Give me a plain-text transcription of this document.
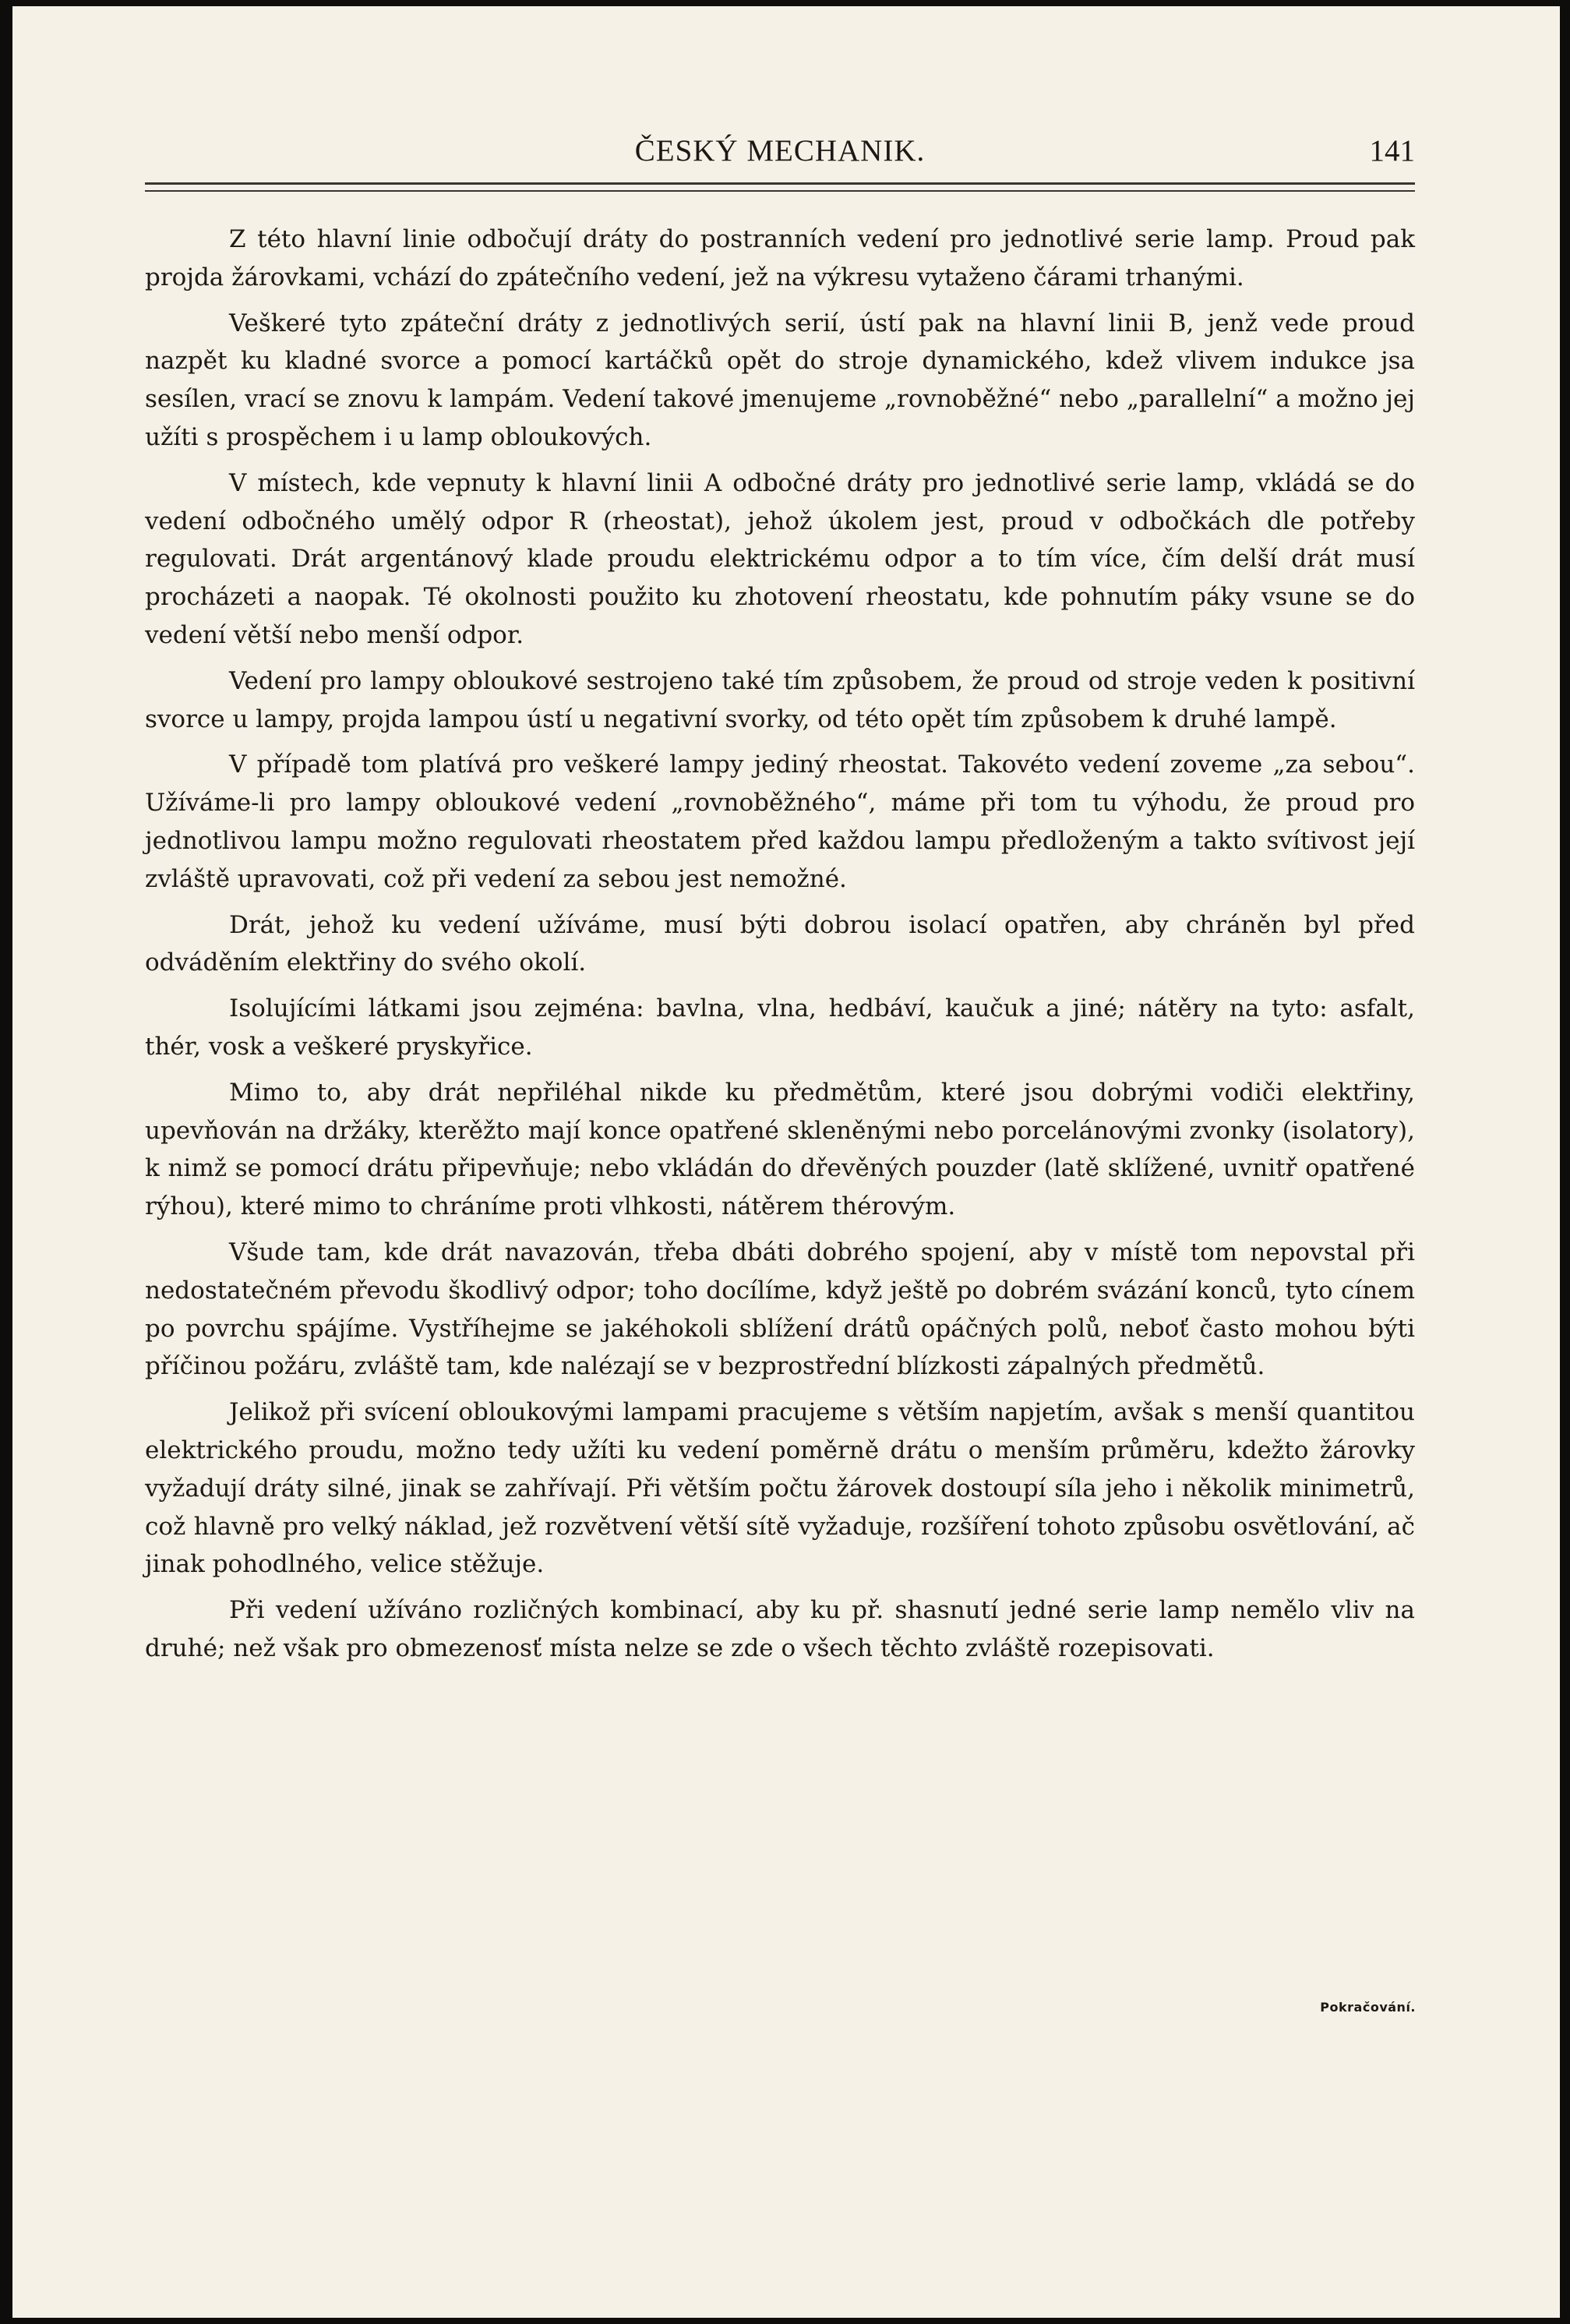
ČESKÝ MECHANIK.	141

Z této hlavní linie odbočují dráty do postranních vedení pro jednotlivé serie lamp. Proud pak projda žárovkami, vchází do zpátečního vedení, jež na výkresu vytaženo čárami trhanými.

Veškeré tyto zpáteční dráty z jednotlivých serií, ústí pak na hlavní linii B, jenž vede proud nazpět ku kladné svorce a pomocí kartáčků opět do stroje dynamického, kdež vlivem indukce jsa sesílen, vrací se znovu k lampám. Vedení takové jmenujeme „rovnoběžné“ nebo „parallelní“ a možno jej užíti s prospěchem i u lamp obloukových.

V místech, kde vepnuty k hlavní linii A odbočné dráty pro jednotlivé serie lamp, vkládá se do vedení odbočného umělý odpor R (rheostat), jehož úkolem jest, proud v odbočkách dle potřeby regulovati. Drát argentánový klade proudu elektrickému odpor a to tím více, čím delší drát musí procházeti a naopak. Té okolnosti použito ku zhotovení rheostatu, kde pohnutím páky vsune se do vedení větší nebo menší odpor.

Vedení pro lampy obloukové sestrojeno také tím způsobem, že proud od stroje veden k positivní svorce u lampy, projda lampou ústí u negativní svorky, od této opět tím způsobem k druhé lampě.

V případě tom platívá pro veškeré lampy jediný rheostat. Takovéto vedení zoveme „za sebou“. Užíváme-li pro lampy obloukové vedení „rovnoběžného“, máme při tom tu výhodu, že proud pro jednotlivou lampu možno regulovati rheostatem před každou lampu předloženým a takto svítivost její zvláště upravovati, což při vedení za sebou jest nemožné.

Drát, jehož ku vedení užíváme, musí býti dobrou isolací opatřen, aby chráněn byl před odváděním elektřiny do svého okolí.

Isolujícími látkami jsou zejména: bavlna, vlna, hedbáví, kaučuk a jiné; nátěry na tyto: asfalt, thér, vosk a veškeré pryskyřice.

Mimo to, aby drát nepřiléhal nikde ku předmětům, které jsou dobrými vodiči elektřiny, upevňován na držáky, kterěžto mají konce opatřené skleněnými nebo porcelánovými zvonky (isolatory), k nimž se pomocí drátu připevňuje; nebo vkládán do dřevěných pouzder (latě sklížené, uvnitř opatřené rýhou), které mimo to chráníme proti vlhkosti, nátěrem thérovým.

Všude tam, kde drát navazován, třeba dbáti dobrého spojení, aby v místě tom nepovstal při nedostatečném převodu škodlivý odpor; toho docílíme, když ještě po dobrém svázání konců, tyto cínem po povrchu spájíme. Vystříhejme se jakéhokoli sblížení drátů opáčných polů, neboť často mohou býti příčinou požáru, zvláště tam, kde nalézají se v bezprostřední blízkosti zápalných předmětů.

Jelikož při svícení obloukovými lampami pracujeme s větším napjetím, avšak s menší quantitou elektrického proudu, možno tedy užíti ku vedení poměrně drátu o menším průměru, kdežto žárovky vyžadují dráty silné, jinak se zahřívají. Při větším počtu žárovek dostoupí síla jeho i několik minimetrů, což hlavně pro velký náklad, jež rozvětvení větší sítě vyžaduje, rozšíření tohoto způsobu osvětlování, ač jinak pohodlného, velice stěžuje.

Při vedení užíváno rozličných kombinací, aby ku př. shasnutí jedné serie lamp nemělo vliv na druhé; než však pro obmezenosť místa nelze se zde o všech těchto zvláště rozepisovati.

Pokračování.
